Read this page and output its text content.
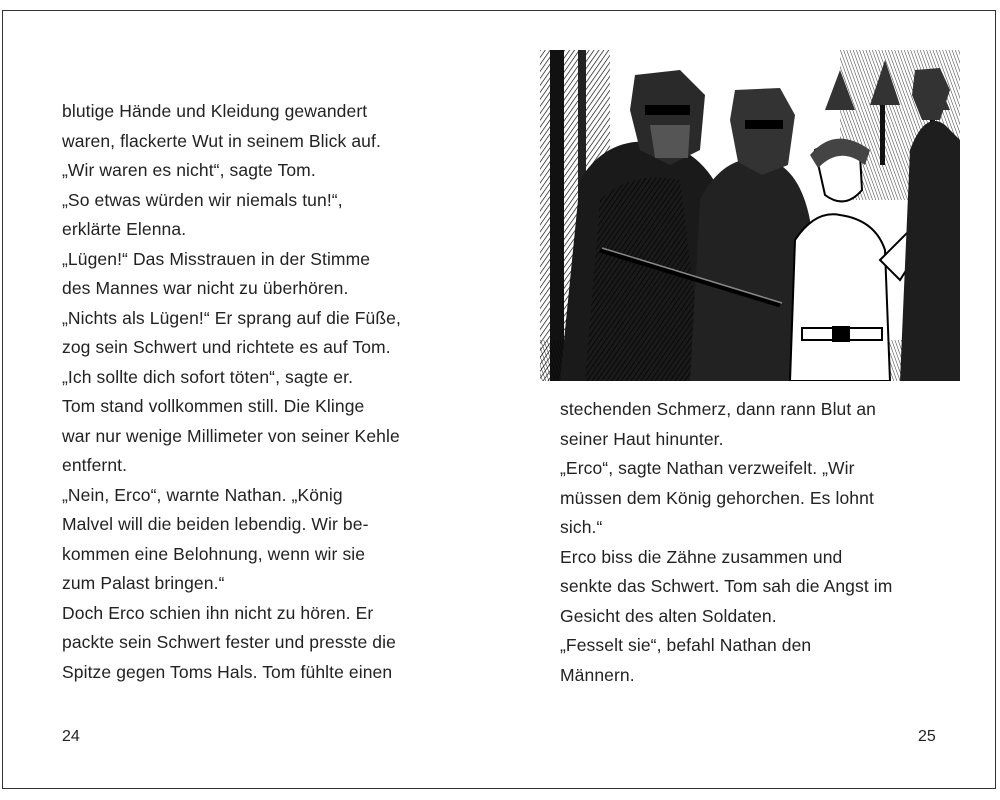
blutige Hände und Kleidung gewandert
waren, flackerte Wut in seinem Blick auf.
„Wir waren es nicht“, sagte Tom.
„So etwas würden wir niemals tun!“,
erklärte Elenna.
„Lügen!“ Das Misstrauen in der Stimme
des Mannes war nicht zu überhören.
„Nichts als Lügen!“ Er sprang auf die Füße,
zog sein Schwert und richtete es auf Tom.
„Ich sollte dich sofort töten“, sagte er.
Tom stand vollkommen still. Die Klinge
war nur wenige Millimeter von seiner Kehle
entfernt.
„Nein, Erco“, warnte Nathan. „König
Malvel will die beiden lebendig. Wir be-
kommen eine Belohnung, wenn wir sie
zum Palast bringen.“
Doch Erco schien ihn nicht zu hören. Er
packte sein Schwert fester und presste die
Spitze gegen Toms Hals. Tom fühlte einen
24
stechenden Schmerz, dann rann Blut an
seiner Haut hinunter.
„Erco“, sagte Nathan verzweifelt. „Wir
müssen dem König gehorchen. Es lohnt
sich.“
Erco biss die Zähne zusammen und
senkte das Schwert. Tom sah die Angst im
Gesicht des alten Soldaten.
„Fesselt sie“, befahl Nathan den
Männern.
25
